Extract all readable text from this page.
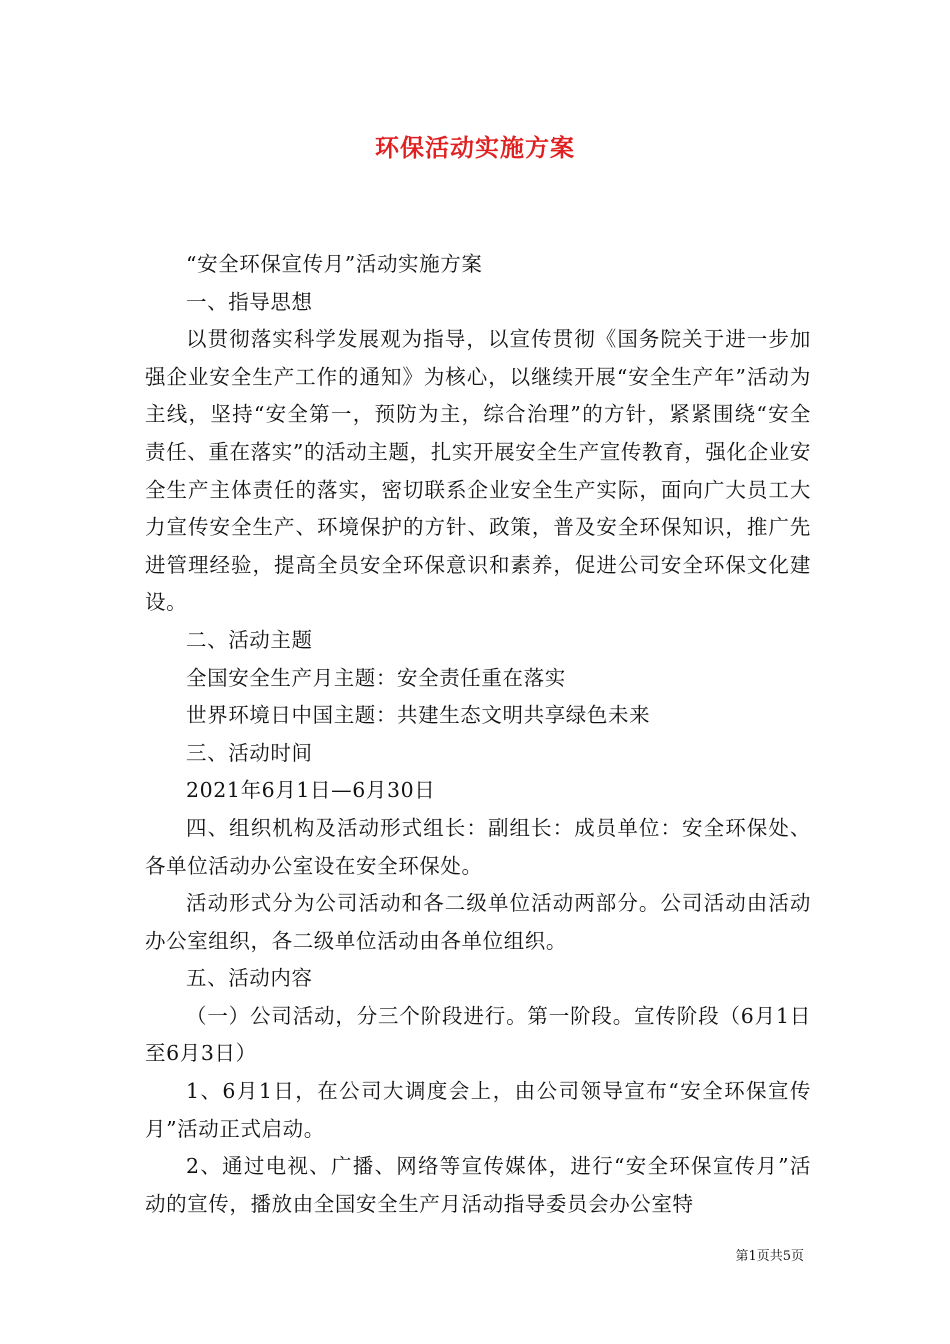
环保活动实施方案

“安全环保宣传月”活动实施方案

一、指导思想

以贯彻落实科学发展观为指导，以宣传贯彻《国务院关于进一步加强企业安全生产工作的通知》为核心，以继续开展“安全生产年”活动为主线，坚持“安全第一，预防为主，综合治理”的方针，紧紧围绕“安全责任、重在落实”的活动主题，扎实开展安全生产宣传教育，强化企业安全生产主体责任的落实，密切联系企业安全生产实际，面向广大员工大力宣传安全生产、环境保护的方针、政策，普及安全环保知识，推广先进管理经验，提高全员安全环保意识和素养，促进公司安全环保文化建设。

二、活动主题

全国安全生产月主题：安全责任重在落实

世界环境日中国主题：共建生态文明共享绿色未来

三、活动时间

2021年6月1日—6月30日

四、组织机构及活动形式组长：副组长：成员单位：安全环保处、各单位活动办公室设在安全环保处。

活动形式分为公司活动和各二级单位活动两部分。公司活动由活动办公室组织，各二级单位活动由各单位组织。

五、活动内容

（一）公司活动，分三个阶段进行。第一阶段。宣传阶段（6月1日至6月3日）

1、6月1日，在公司大调度会上，由公司领导宣布“安全环保宣传月”活动正式启动。

2、通过电视、广播、网络等宣传媒体，进行“安全环保宣传月”活动的宣传，播放由全国安全生产月活动指导委员会办公室特

第1页共5页
